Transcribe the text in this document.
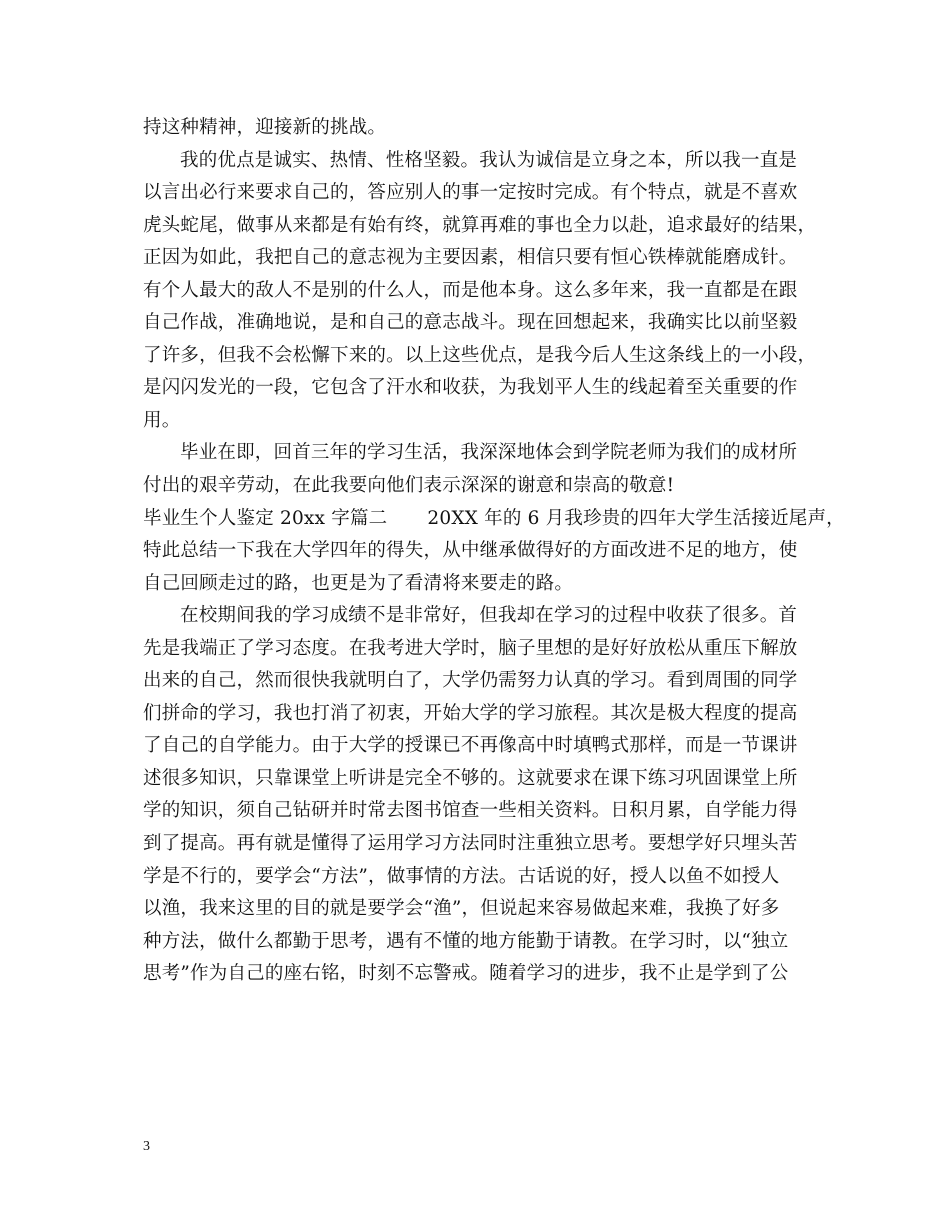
持这种精神，迎接新的挑战。
我的优点是诚实、热情、性格坚毅。我认为诚信是立身之本，所以我一直是
以言出必行来要求自己的，答应别人的事一定按时完成。有个特点，就是不喜欢
虎头蛇尾，做事从来都是有始有终，就算再难的事也全力以赴，追求最好的结果，
正因为如此，我把自己的意志视为主要因素，相信只要有恒心铁棒就能磨成针。
有个人最大的敌人不是别的什么人，而是他本身。这么多年来，我一直都是在跟
自己作战，准确地说，是和自己的意志战斗。现在回想起来，我确实比以前坚毅
了许多，但我不会松懈下来的。以上这些优点，是我今后人生这条线上的一小段，
是闪闪发光的一段，它包含了汗水和收获，为我划平人生的线起着至关重要的作
用。
毕业在即，回首三年的学习生活，我深深地体会到学院老师为我们的成材所
付出的艰辛劳动，在此我要向他们表示深深的谢意和崇高的敬意!
毕业生个人鉴定 20xx 字篇二 20XX 年的 6 月我珍贵的四年大学生活接近尾声，
特此总结一下我在大学四年的得失，从中继承做得好的方面改进不足的地方，使
自己回顾走过的路，也更是为了看清将来要走的路。
在校期间我的学习成绩不是非常好，但我却在学习的过程中收获了很多。首
先是我端正了学习态度。在我考进大学时，脑子里想的是好好放松从重压下解放
出来的自己，然而很快我就明白了，大学仍需努力认真的学习。看到周围的同学
们拼命的学习，我也打消了初衷，开始大学的学习旅程。其次是极大程度的提高
了自己的自学能力。由于大学的授课已不再像高中时填鸭式那样，而是一节课讲
述很多知识，只靠课堂上听讲是完全不够的。这就要求在课下练习巩固课堂上所
学的知识，须自己钻研并时常去图书馆查一些相关资料。日积月累，自学能力得
到了提高。再有就是懂得了运用学习方法同时注重独立思考。要想学好只埋头苦
学是不行的，要学会“方法”，做事情的方法。古话说的好，授人以鱼不如授人
以渔，我来这里的目的就是要学会“渔”，但说起来容易做起来难，我换了好多
种方法，做什么都勤于思考，遇有不懂的地方能勤于请教。在学习时，以“独立
思考”作为自己的座右铭，时刻不忘警戒。随着学习的进步，我不止是学到了公
3
